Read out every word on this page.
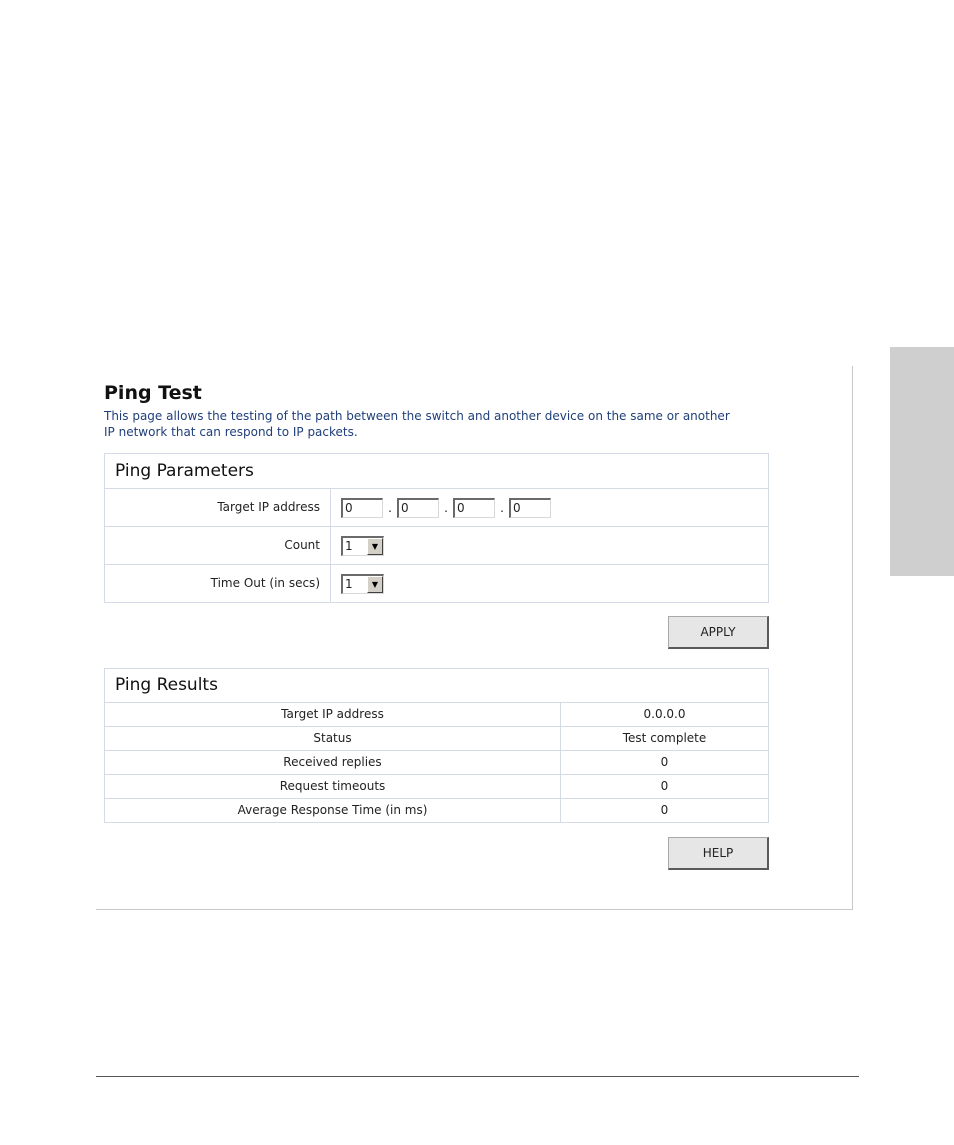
Ping Test

This page allows the testing of the path between the switch and another device on the same or another IP network that can respond to IP packets.

Ping Parameters
Target IP address	0	. 0	. 0	. 0
Count	1	▼
Time Out (in secs)	1	▼
APPLY
Ping Results
Target IP address	0.0.0.0
Status	Test complete
Received replies	0
Request timeouts	0
Average Response Time (in ms)	0
HELP
